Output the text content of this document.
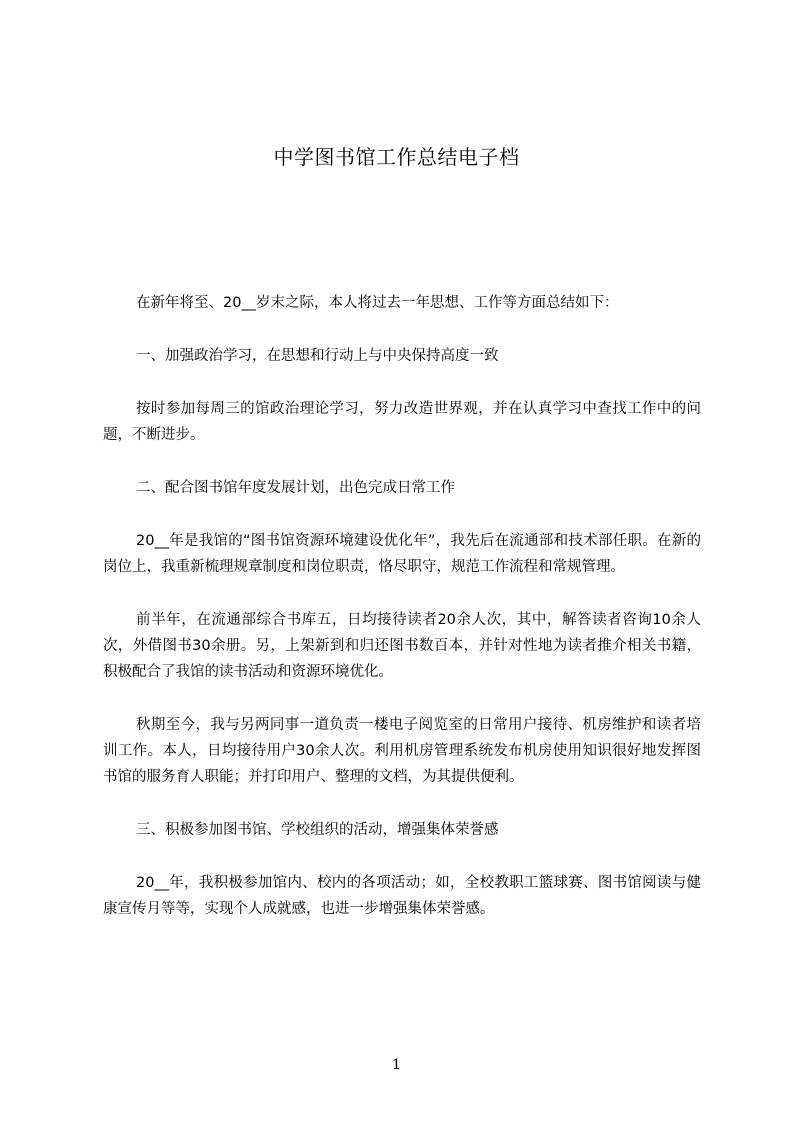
中学图书馆工作总结电子档

在新年将至、20__岁末之际，本人将过去一年思想、工作等方面总结如下：

一、加强政治学习，在思想和行动上与中央保持高度一致

按时参加每周三的馆政治理论学习，努力改造世界观，并在认真学习中查找工作中的问题，不断进步。

二、配合图书馆年度发展计划，出色完成日常工作

20__年是我馆的“图书馆资源环境建设优化年”，我先后在流通部和技术部任职。在新的岗位上，我重新梳理规章制度和岗位职责，恪尽职守，规范工作流程和常规管理。

前半年，在流通部综合书库五，日均接待读者20余人次，其中，解答读者咨询10余人次，外借图书30余册。另，上架新到和归还图书数百本，并针对性地为读者推介相关书籍，积极配合了我馆的读书活动和资源环境优化。

秋期至今，我与另两同事一道负责一楼电子阅览室的日常用户接待、机房维护和读者培训工作。本人，日均接待用户30余人次。利用机房管理系统发布机房使用知识很好地发挥图书馆的服务育人职能；并打印用户、整理的文档，为其提供便利。

三、积极参加图书馆、学校组织的活动，增强集体荣誉感

20__年，我积极参加馆内、校内的各项活动；如，全校教职工篮球赛、图书馆阅读与健康宣传月等等，实现个人成就感，也进一步增强集体荣誉感。

1
